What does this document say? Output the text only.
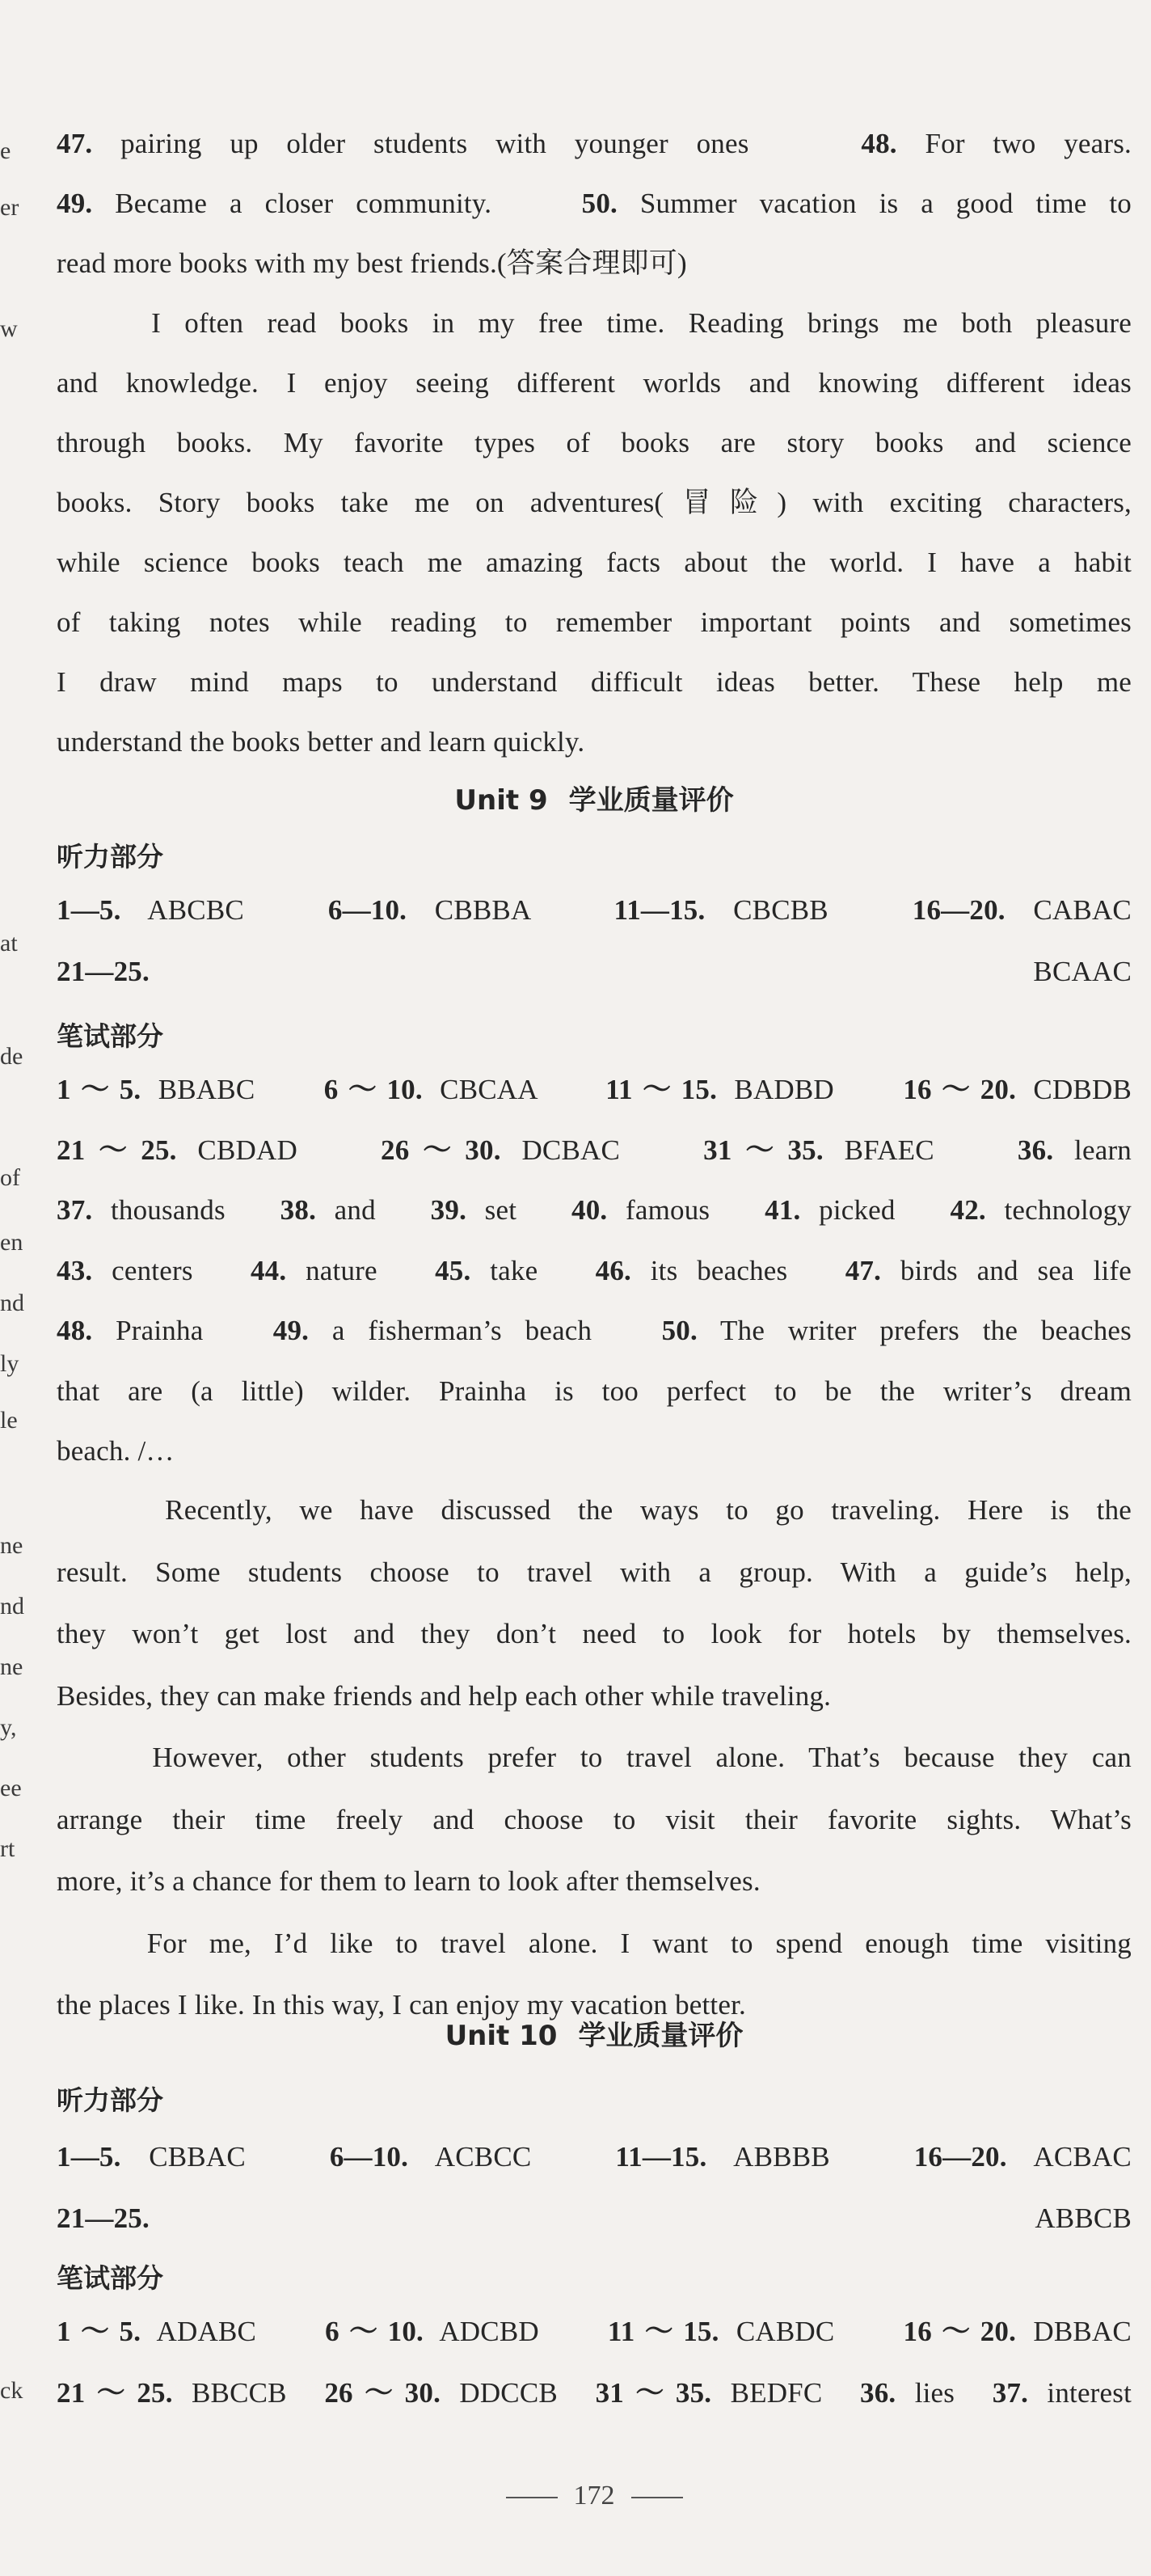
e
er
w
at
de
of
en
nd
ly
le
ne
nd
ne
y,
ee
rt
ck
47. pairing up older students with younger ones    48. For two years.
49. Became a closer community.    50. Summer vacation is a good time to
read more books with my best friends.(答案合理即可)
I often read books in my free time. Reading brings me both pleasure
and knowledge. I enjoy seeing different worlds and knowing different ideas
through books. My favorite types of books are story books and science
books. Story books take me on adventures(冒险) with exciting characters,
while science books teach me amazing facts about the world. I have a habit
of taking notes while reading to remember important points and sometimes
I draw mind maps to understand difficult ideas better. These help me
understand the books better and learn quickly.
Unit 9 学业质量评价
听力部分
1—5. ABCBC   6—10. CBBBA   11—15. CBCBB   16—20. CABAC
21—25. BCAAC
笔试部分
1～5. BBABC    6～10. CBCAA    11～15. BADBD    16～20. CDBDB
21～25. CBDAD    26～30. DCBAC    31～35. BFAEC    36. learn
37. thousands   38. and   39. set   40. famous   41. picked   42. technology
43. centers   44. nature   45. take   46. its beaches   47. birds and sea life
48. Prainha   49. a fisherman’s beach   50. The writer prefers the beaches
that are (a little) wilder. Prainha is too perfect to be the writer’s dream
beach. /…
Recently, we have discussed the ways to go traveling. Here is the
result. Some students choose to travel with a group. With a guide’s help,
they won’t get lost and they don’t need to look for hotels by themselves.
Besides, they can make friends and help each other while traveling.
However, other students prefer to travel alone. That’s because they can
arrange their time freely and choose to visit their favorite sights. What’s
more, it’s a chance for them to learn to look after themselves.
For me, I’d like to travel alone. I want to spend enough time visiting
the places I like. In this way, I can enjoy my vacation better.
Unit 10 学业质量评价
听力部分
1—5. CBBAC   6—10. ACBCC   11—15. ABBBB   16—20. ACBAC
21—25. ABBCB
笔试部分
1～5. ADABC    6～10. ADCBD    11～15. CABDC    16～20. DBBAC
21～25. BBCCB  26～30. DDCCB  31～35. BEDFC  36. lies  37. interest
172
